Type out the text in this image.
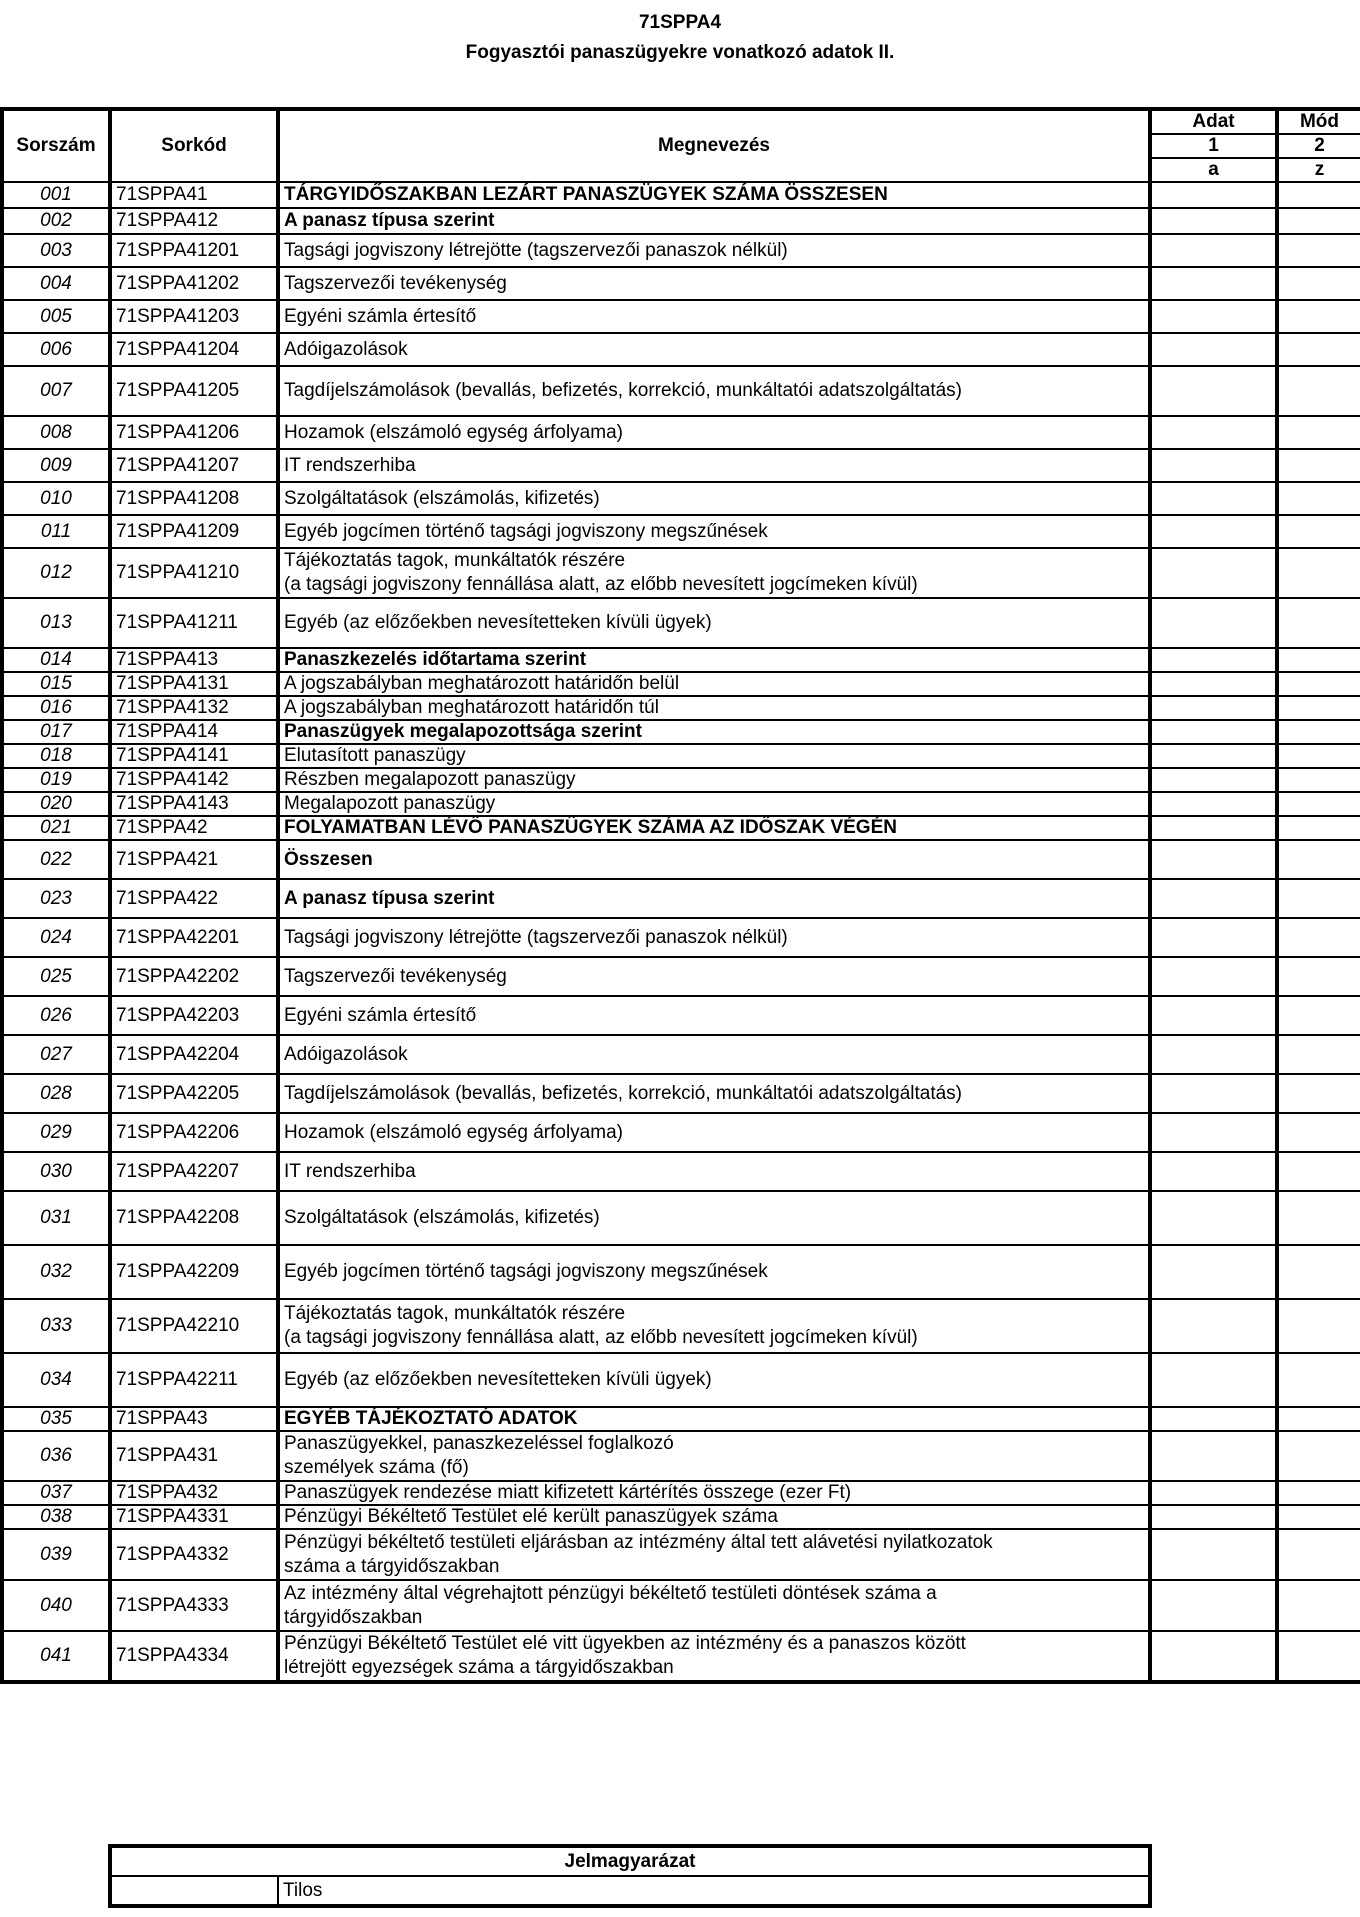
71SPPA4
Fogyasztói panaszügyekre vonatkozó adatok II.
Sorszám	Sorkód	Megnevezés	Adat	Mód
			1	2
			a	z
001	71SPPA41	TÁRGYIDŐSZAKBAN LEZÁRT PANASZÜGYEK SZÁMA ÖSSZESEN		
002	71SPPA412	A panasz típusa szerint		
003	71SPPA41201	Tagsági jogviszony létrejötte (tagszervezői panaszok nélkül)		
004	71SPPA41202	Tagszervezői tevékenység		
005	71SPPA41203	Egyéni számla értesítő		
006	71SPPA41204	Adóigazolások		
007	71SPPA41205	Tagdíjelszámolások (bevallás, befizetés, korrekció, munkáltatói adatszolgáltatás)		
008	71SPPA41206	Hozamok (elszámoló egység árfolyama)		
009	71SPPA41207	IT rendszerhiba		
010	71SPPA41208	Szolgáltatások (elszámolás, kifizetés)		
011	71SPPA41209	Egyéb jogcímen történő tagsági jogviszony megszűnések		
012	71SPPA41210	Tájékoztatás tagok, munkáltatók részére
(a tagsági jogviszony fennállása alatt, az előbb nevesített jogcímeken kívül)		
013	71SPPA41211	Egyéb (az előzőekben nevesítetteken kívüli ügyek)		
014	71SPPA413	Panaszkezelés időtartama szerint		
015	71SPPA4131	A jogszabályban meghatározott határidőn belül		
016	71SPPA4132	A jogszabályban meghatározott határidőn túl		
017	71SPPA414	Panaszügyek megalapozottsága szerint		
018	71SPPA4141	Elutasított panaszügy		
019	71SPPA4142	Részben megalapozott panaszügy		
020	71SPPA4143	Megalapozott panaszügy		
021	71SPPA42	FOLYAMATBAN LÉVŐ PANASZÜGYEK SZÁMA AZ IDŐSZAK VÉGÉN		
022	71SPPA421	Összesen		
023	71SPPA422	A panasz típusa szerint		
024	71SPPA42201	Tagsági jogviszony létrejötte (tagszervezői panaszok nélkül)		
025	71SPPA42202	Tagszervezői tevékenység		
026	71SPPA42203	Egyéni számla értesítő		
027	71SPPA42204	Adóigazolások		
028	71SPPA42205	Tagdíjelszámolások (bevallás, befizetés, korrekció, munkáltatói adatszolgáltatás)		
029	71SPPA42206	Hozamok (elszámoló egység árfolyama)		
030	71SPPA42207	IT rendszerhiba		
031	71SPPA42208	Szolgáltatások (elszámolás, kifizetés)		
032	71SPPA42209	Egyéb jogcímen történő tagsági jogviszony megszűnések		
033	71SPPA42210	Tájékoztatás tagok, munkáltatók részére
(a tagsági jogviszony fennállása alatt, az előbb nevesített jogcímeken kívül)		
034	71SPPA42211	Egyéb (az előzőekben nevesítetteken kívüli ügyek)		
035	71SPPA43	EGYÉB TÁJÉKOZTATÓ ADATOK		
036	71SPPA431	Panaszügyekkel, panaszkezeléssel foglalkozó
személyek száma (fő)		
037	71SPPA432	Panaszügyek rendezése miatt kifizetett kártérítés összege (ezer Ft)		
038	71SPPA4331	Pénzügyi Békéltető Testület elé került panaszügyek száma		
039	71SPPA4332	Pénzügyi békéltető testületi eljárásban az intézmény által tett alávetési nyilatkozatok
száma a tárgyidőszakban		
040	71SPPA4333	Az intézmény által végrehajtott pénzügyi békéltető testületi döntések száma a
tárgyidőszakban		
041	71SPPA4334	Pénzügyi Békéltető Testület elé vitt ügyekben az intézmény és a panaszos között
létrejött egyezségek száma a tárgyidőszakban		
Jelmagyarázat
	Tilos
